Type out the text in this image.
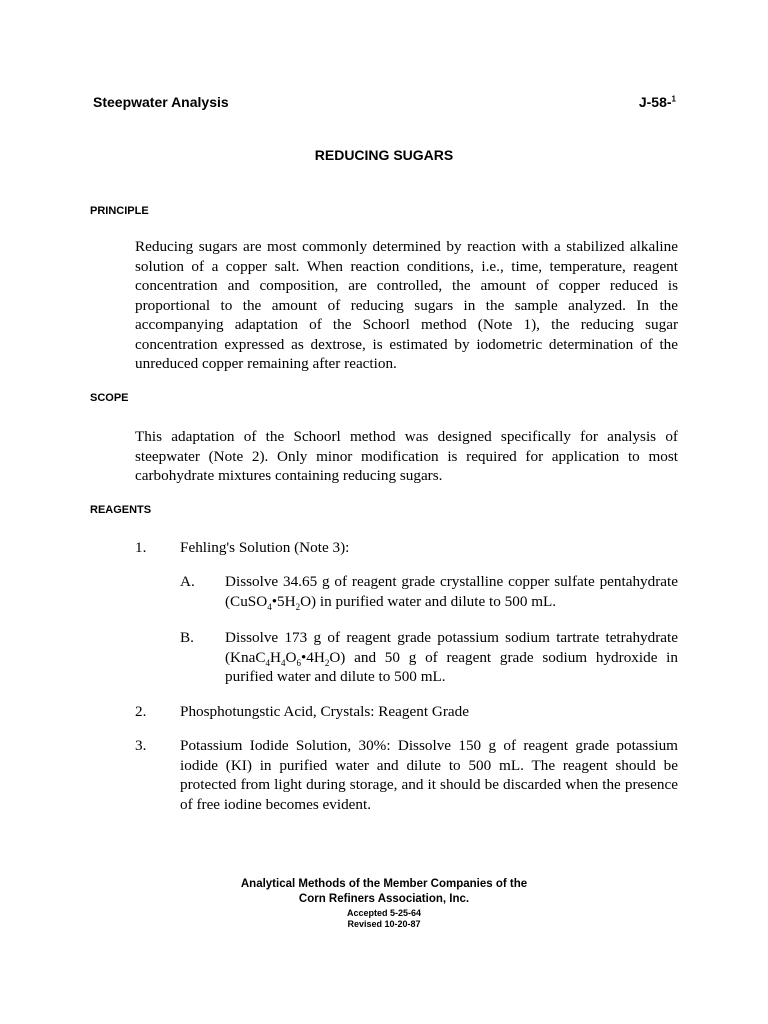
Steepwater Analysis	J-58-$^1$
REDUCING SUGARS
PRINCIPLE

Reducing sugars are most commonly determined by reaction with a stabilized alkaline solution of a copper salt. When reaction conditions, i.e., time, temperature, reagent concentration and composition, are controlled, the amount of copper reduced is proportional to the amount of reducing sugars in the sample analyzed. In the accompanying adaptation of the Schoorl method (Note 1), the reducing sugar concentration expressed as dextrose, is estimated by iodometric determination of the unreduced copper remaining after reaction.

SCOPE

This adaptation of the Schoorl method was designed specifically for analysis of steepwater (Note 2). Only minor modification is required for application to most carbohydrate mixtures containing reducing sugars.

REAGENTS
1. Fehling's Solution (Note 3):

A. Dissolve 34.65 g of reagent grade crystalline copper sulfate pentahydrate $(CuSO_4•5H_2O)$ in purified water and dilute to 500 mL.

B. Dissolve 173 g of reagent grade potassium sodium tartrate tetrahydrate $(KnaC_4H_4O_6•4H_2O)$ and 50 g of reagent grade sodium hydroxide in purified water and dilute to 500 mL.

2. Phosphotungstic Acid, Crystals: Reagent Grade

3. Potassium Iodide Solution, 30%: Dissolve 150 g of reagent grade potassium iodide (KI) in purified water and dilute to 500 mL. The reagent should be protected from light during storage, and it should be discarded when the presence of free iodine becomes evident.

Analytical Methods of the Member Companies of the
Corn Refiners Association, Inc.
Accepted 5-25-64
Revised 10-20-87
